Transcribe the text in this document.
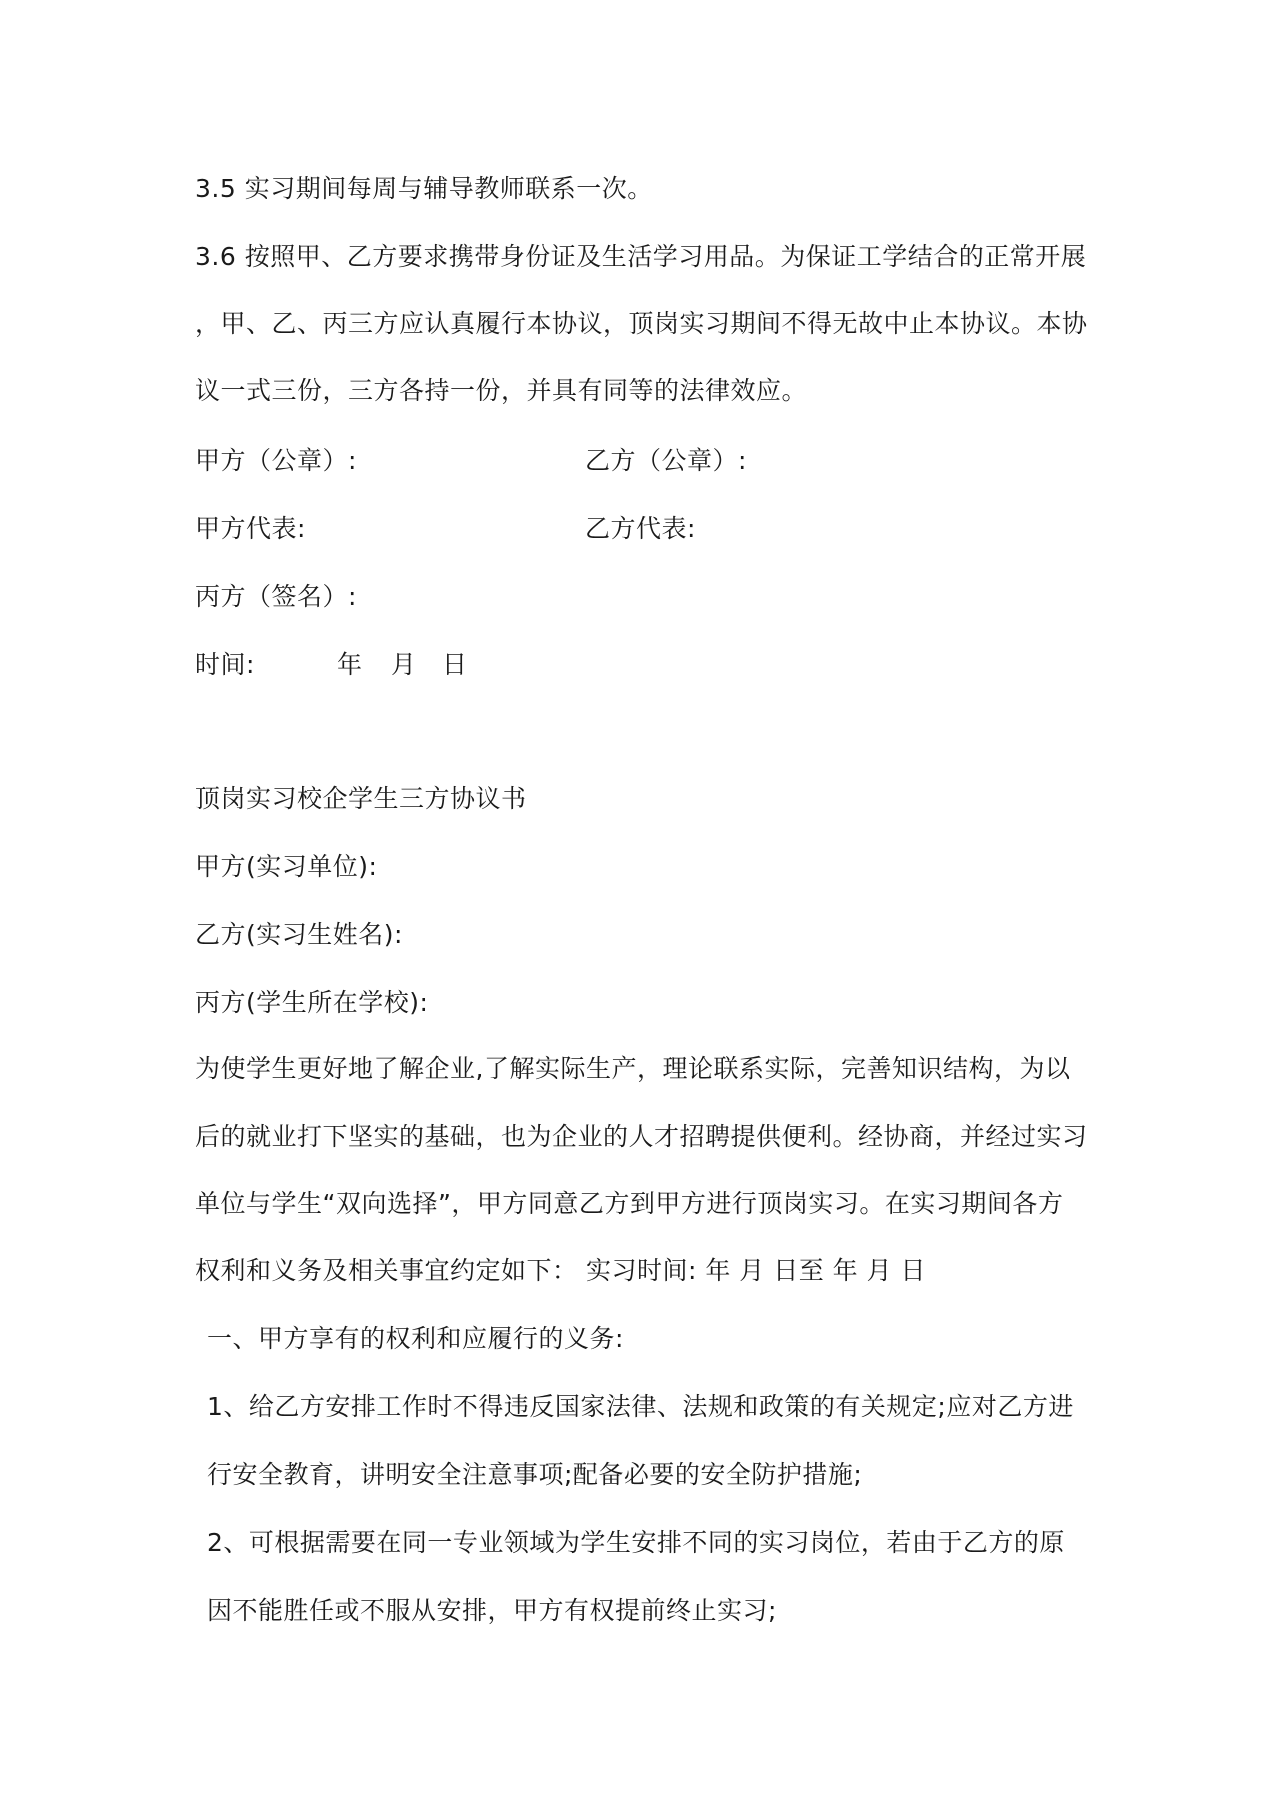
3.5 实习期间每周与辅导教师联系一次。
3.6 按照甲、乙方要求携带身份证及生活学习用品。为保证工学结合的正常开展
，甲、乙、丙三方应认真履行本协议，顶岗实习期间不得无故中止本协议。本协
议一式三份，三方各持一份，并具有同等的法律效应。
甲方（公章）:	乙方（公章）:
甲方代表:	乙方代表:
丙方（签名）:
时间:	年 月 日
顶岗实习校企学生三方协议书
甲方(实习单位):
乙方(实习生姓名):
丙方(学生所在学校):
为使学生更好地了解企业,了解实际生产，理论联系实际，完善知识结构，为以
后的就业打下坚实的基础，也为企业的人才招聘提供便利。经协商，并经过实习
单位与学生“双向选择”，甲方同意乙方到甲方进行顶岗实习。在实习期间各方
权利和义务及相关事宜约定如下： 实习时间: 年 月 日至 年 月 日
一、甲方享有的权利和应履行的义务:
1、给乙方安排工作时不得违反国家法律、法规和政策的有关规定;应对乙方进
行安全教育，讲明安全注意事项;配备必要的安全防护措施;
2、可根据需要在同一专业领域为学生安排不同的实习岗位，若由于乙方的原
因不能胜任或不服从安排，甲方有权提前终止实习;
